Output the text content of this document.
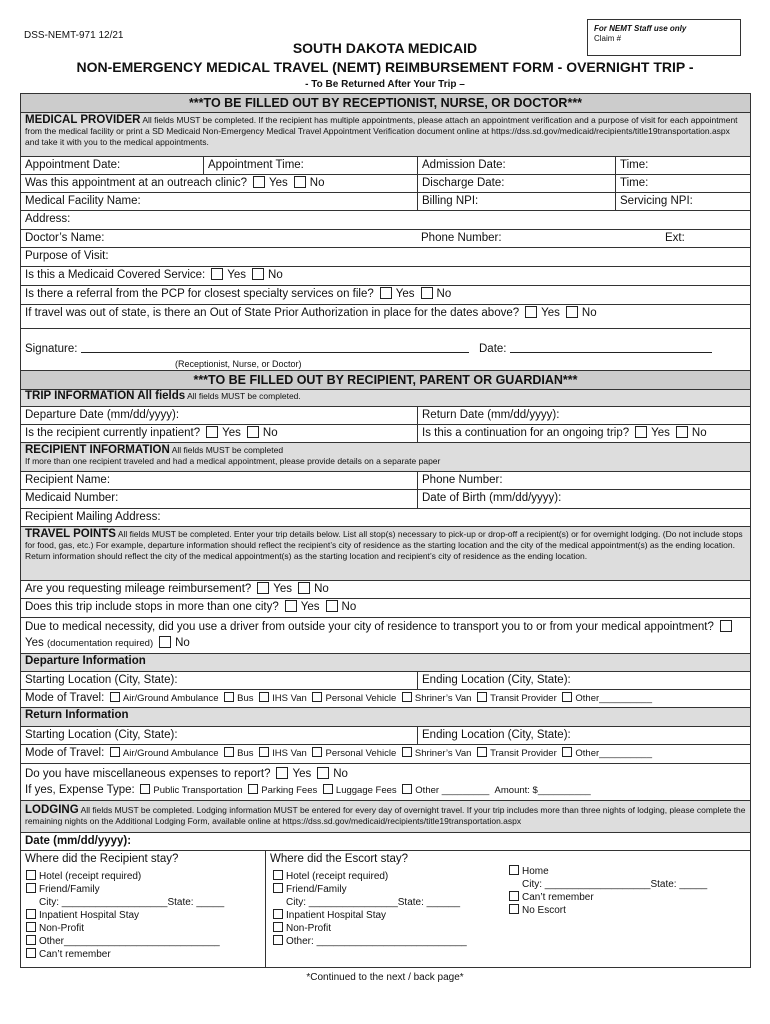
DSS-NEMT-971 12/21
For NEMT Staff use only
Claim #
SOUTH DAKOTA MEDICAID
NON-EMERGENCY MEDICAL TRAVEL (NEMT) REIMBURSEMENT FORM - OVERNIGHT TRIP -
- To Be Returned After Your Trip –
***TO BE FILLED OUT BY RECEPTIONIST, NURSE, OR DOCTOR***
MEDICAL PROVIDER All fields MUST be completed. If the recipient has multiple appointments, please attach an appointment verification and a purpose of visit for each appointment from the medical facility or print a SD Medicaid Non-Emergency Medical Travel Appointment Verification document online at https://dss.sd.gov/medicaid/recipients/title19transportation.aspx and take it with you to the medical appointments.
Appointment Date:	Appointment Time:	Admission Date:	Time:
Was this appointment at an outreach clinic? Yes No	Discharge Date:	Time:
Medical Facility Name:	Billing NPI:	Servicing NPI:
Address:
Doctor’s Name:	Phone Number:	Ext:
Purpose of Visit:
Is this a Medicaid Covered Service: Yes No
Is there a referral from the PCP for closest specialty services on file? Yes No
If travel was out of state, is there an Out of State Prior Authorization in place for the dates above? Yes No
Signature:	Date:
(Receptionist, Nurse, or Doctor)
***TO BE FILLED OUT BY RECIPIENT, PARENT OR GUARDIAN***
TRIP INFORMATION All fields All fields MUST be completed.
Departure Date (mm/dd/yyyy):	Return Date (mm/dd/yyyy):
Is the recipient currently inpatient? Yes No	Is this a continuation for an ongoing trip? Yes No
RECIPIENT INFORMATION All fields MUST be completed
If more than one recipient traveled and had a medical appointment, please provide details on a separate paper
Recipient Name:	Phone Number:
Medicaid Number:	Date of Birth (mm/dd/yyyy):
Recipient Mailing Address:
TRAVEL POINTS All fields MUST be completed. Enter your trip details below. List all stop(s) necessary to pick-up or drop-off a recipient(s) or for overnight lodging. (Do not include stops for food, gas, etc.) For example, departure information should reflect the recipient’s city of residence as the starting location and the city of the medical appointment(s) as the ending location. Return information should reflect the city of the medical appointment(s) as the starting location and recipient’s city of residence as the ending location.
Are you requesting mileage reimbursement? Yes No
Does this trip include stops in more than one city? Yes No
Due to medical necessity, did you use a driver from outside your city of residence to transport you to or from your medical appointment?Yes (documentation required) No
Departure Information
Starting Location (City, State):	Ending Location (City, State):
Mode of Travel: Air/Ground Ambulance Bus IHS Van Personal Vehicle Shriner’s Van Transit Provider Other__________
Return Information
Starting Location (City, State):	Ending Location (City, State):
Mode of Travel: Air/Ground Ambulance Bus IHS Van Personal Vehicle Shriner’s Van Transit Provider Other__________
Do you have miscellaneous expenses to report? Yes No
If yes, Expense Type: Public Transportation Parking Fees Luggage Fees Other _________ Amount: $__________
LODGING All fields MUST be completed. Lodging information MUST be entered for every day of overnight travel. If your trip includes more than three nights of lodging, please complete the remaining nights on the Additional Lodging Form, available online at https://dss.sd.gov/medicaid/recipients/title19transportation.aspx
Date (mm/dd/yyyy):
Where did the Recipient stay?
Hotel (receipt required)
Friend/Family
City: ___________________State: _____
Inpatient Hospital Stay
Non-Profit
Other____________________________
Can’t remember
Where did the Escort stay?
Hotel (receipt required)
Friend/Family
City: ________________State: ______
Inpatient Hospital Stay
Non-Profit
Other: ___________________________
Home
City: ___________________State: _____
Can’t remember
No Escort
*Continued to the next / back page*
